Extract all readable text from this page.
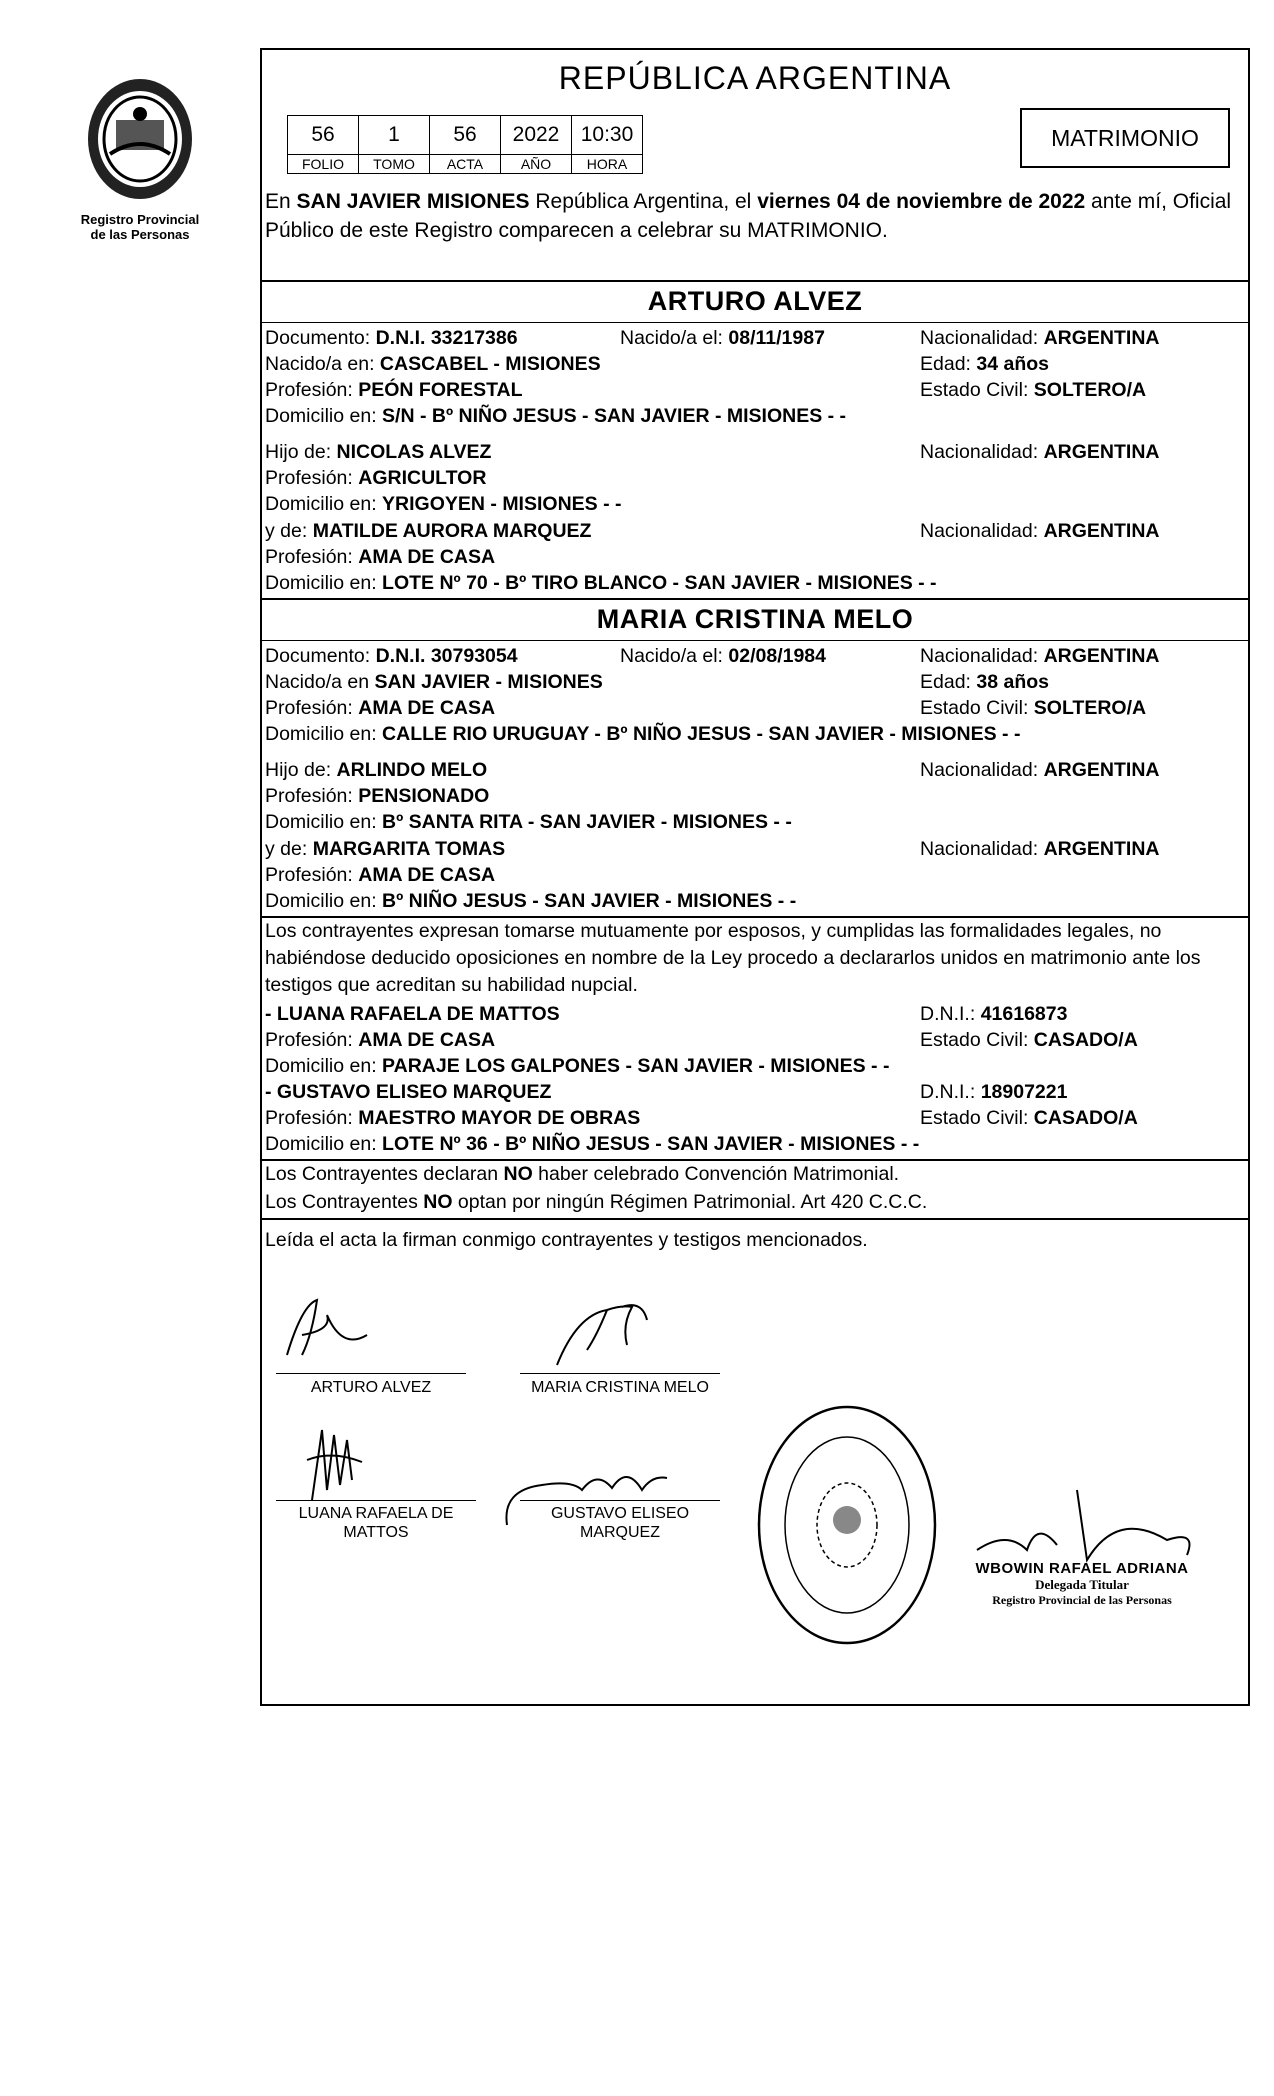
Registro Provincial
de las Personas
REPÚBLICA ARGENTINA
56	1	56	2022	10:30
FOLIO	TOMO	ACTA	AÑO	HORA
MATRIMONIO
En SAN JAVIER MISIONES República Argentina, el viernes 04 de noviembre de 2022 ante mí, Oficial Público de este Registro comparecen a celebrar su MATRIMONIO.
ARTURO ALVEZ
Documento: D.N.I. 33217386	Nacido/a el: 08/11/1987	Nacionalidad: ARGENTINA
Nacido/a en: CASCABEL - MISIONES	Edad: 34 años
Profesión: PEÓN FORESTAL	Estado Civil: SOLTERO/A
Domicilio en: S/N - Bº NIÑO JESUS - SAN JAVIER - MISIONES - -
Hijo de: NICOLAS ALVEZ	Nacionalidad: ARGENTINA
Profesión: AGRICULTOR
Domicilio en: YRIGOYEN - MISIONES - -
y de: MATILDE AURORA MARQUEZ	Nacionalidad: ARGENTINA
Profesión: AMA DE CASA
Domicilio en: LOTE Nº 70 - Bº TIRO BLANCO - SAN JAVIER - MISIONES - -
MARIA CRISTINA MELO
Documento: D.N.I. 30793054	Nacido/a el: 02/08/1984	Nacionalidad: ARGENTINA
Nacido/a en SAN JAVIER - MISIONES	Edad: 38 años
Profesión: AMA DE CASA	Estado Civil: SOLTERO/A
Domicilio en: CALLE RIO URUGUAY - Bº NIÑO JESUS - SAN JAVIER - MISIONES - -
Hijo de: ARLINDO MELO	Nacionalidad: ARGENTINA
Profesión: PENSIONADO
Domicilio en: Bº SANTA RITA - SAN JAVIER - MISIONES - -
y de: MARGARITA TOMAS	Nacionalidad: ARGENTINA
Profesión: AMA DE CASA
Domicilio en: Bº NIÑO JESUS - SAN JAVIER - MISIONES - -
Los contrayentes expresan tomarse mutuamente por esposos, y cumplidas las formalidades legales, no habiéndose deducido oposiciones en nombre de la Ley procedo a declararlos unidos en matrimonio ante los testigos que acreditan su habilidad nupcial.
- LUANA RAFAELA DE MATTOS	D.N.I.: 41616873
Profesión: AMA DE CASA	Estado Civil: CASADO/A
Domicilio en: PARAJE LOS GALPONES - SAN JAVIER - MISIONES - -
- GUSTAVO ELISEO MARQUEZ	D.N.I.: 18907221
Profesión: MAESTRO MAYOR DE OBRAS	Estado Civil: CASADO/A
Domicilio en: LOTE Nº 36 - Bº NIÑO JESUS - SAN JAVIER - MISIONES - -
Los Contrayentes declaran NO haber celebrado Convención Matrimonial.
Los Contrayentes NO optan por ningún Régimen Patrimonial. Art 420 C.C.C.
Leída el acta la firman conmigo contrayentes y testigos mencionados.
ARTURO ALVEZ	MARIA CRISTINA MELO
LUANA RAFAELA DE
MATTOS
GUSTAVO ELISEO
MARQUEZ
WBOWIN RAFAEL ADRIANA
Delegada Titular
Registro Provincial de las Personas
